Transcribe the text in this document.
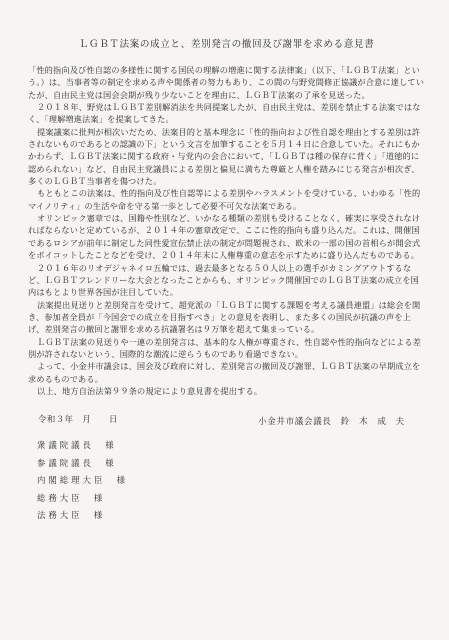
ＬＧＢＴ法案の成立と、差別発言の撤回及び謝罪を求める意見書

「性的指向及び性自認の多様性に関する国民の理解の増進に関する法律案」（以下、「ＬＧＢＴ法案」という。）は、当事者等の制定を求める声や関係者の努力もあり、この間の与野党間修正協議が合意に達していたが、自由民主党は国会会期が残り少ないことを理由に、ＬＧＢＴ法案の了承を見送った。

２０１８年、野党はＬＧＢＴ差別解消法を共同提案したが、自由民主党は、差別を禁止する法案ではなく、「理解増進法案」を提案してきた。

提案議案に批判が相次いだため、法案目的と基本理念に「性的指向および性自認を理由とする差別は許されないものであるとの認識の下」という文言を加筆することを５月１４日に合意していた。それにもかかわらず、ＬＧＢＴ法案に関する政府・与党内の会合において、「ＬＧＢＴは種の保存に背く」「道徳的に認められない」など、自由民主党議員による差別と偏見に満ちた尊厳と人権を踏みにじる発言が相次ぎ、多くのＬＧＢＴ当事者を傷つけた。

もともとこの法案は、性的指向及び性自認等による差別やハラスメントを受けている、いわゆる「性的マイノリティ」の生活や命を守る第一歩として必要不可欠な法案である。

オリンピック憲章では、国籍や性別など、いかなる種類の差別も受けることなく、確実に享受されなければならないと定めているが、２０１４年の憲章改定で、ここに性的指向も盛り込んだ。これは、開催国であるロシアが前年に制定した同性愛宣伝禁止法の制定が問題視され、欧米の一部の国の首相らが開会式をボイコットしたことなどを受け、２０１４年末に人権尊重の意志を示すために盛り込んだものである。

２０１６年のリオデジャネイロ五輪では、過去最多となる５０人以上の選手がカミングアウトするなど、ＬＧＢＴフレンドリーな大会となったことからも、オリンピック開催国でのＬＧＢＴ法案の成立を国内はもとより世界各国が注目していた。

法案提出見送りと差別発言を受けて、超党派の「ＬＧＢＴに関する課題を考える議員連盟」は総会を開き、参加者全員が「今国会での成立を目指すべき」との意見を表明し、また多くの国民が抗議の声を上げ、差別発言の撤回と謝罪を求める抗議署名は９万筆を超えて集まっている。

ＬＧＢＴ法案の見送りや一連の差別発言は、基本的な人権が尊重され、性自認や性的指向などによる差別が許されないという、国際的な潮流に逆らうものであり看過できない。

よって、小金井市議会は、国会及び政府に対し、差別発言の撤回及び謝罪、ＬＧＢＴ法案の早期成立を求めるものである。

以上、地方自治法第９９条の規定により意見書を提出する。

令和３年　月　　日	小金井市議会議長　鈴　木　成　夫
衆議院議長　様
参議院議長　様
内閣総理大臣　様
総務大臣　様
法務大臣　様
